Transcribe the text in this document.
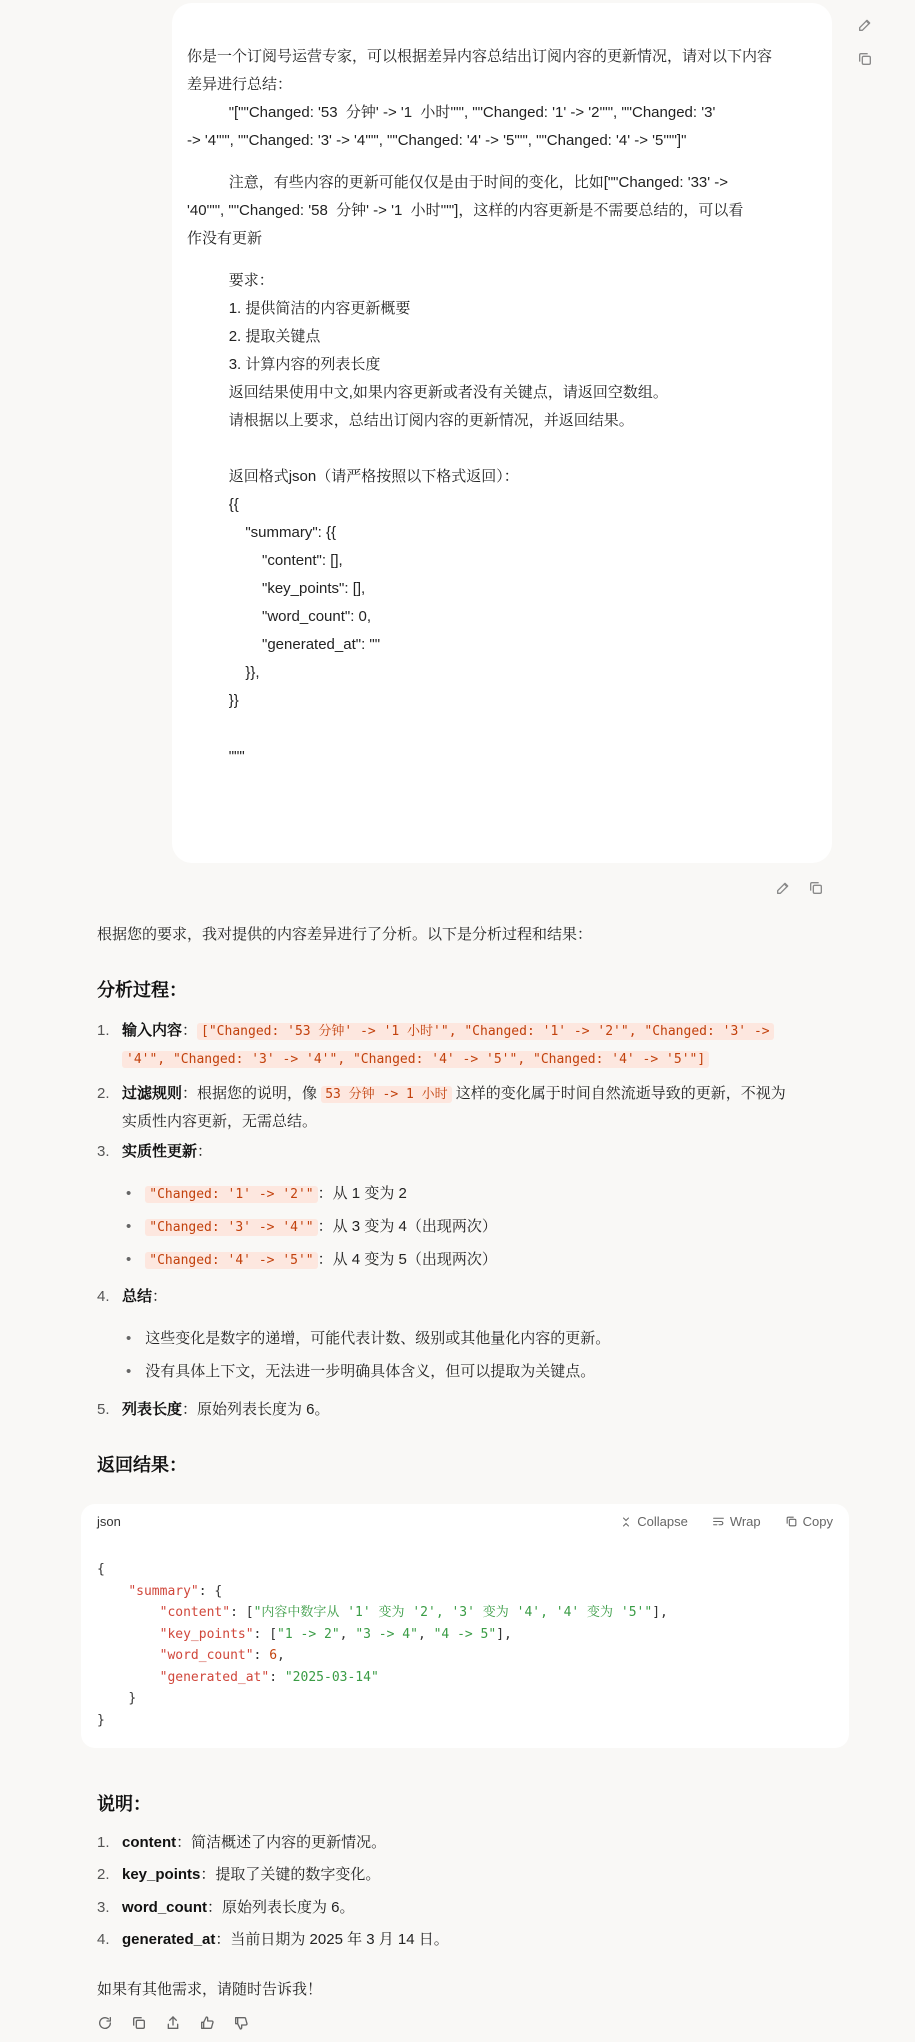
你是一个订阅号运营专家，可以根据差异内容总结出订阅内容的更新情况，请对以下内容
差异进行总结：
"[""Changed: '53  分钟' -> '1  小时'"", ""Changed: '1' -> '2'"", ""Changed: '3'
-> '4'"", ""Changed: '3' -> '4'"", ""Changed: '4' -> '5'"", ""Changed: '4' -> '5'""]"
注意，有些内容的更新可能仅仅是由于时间的变化，比如[""Changed: '33' ->
'40'"", ""Changed: '58  分钟' -> '1  小时'""]，这样的内容更新是不需要总结的，可以看
作没有更新
要求：
1. 提供简洁的内容更新概要
2. 提取关键点
3. 计算内容的列表长度
返回结果使用中文,如果内容更新或者没有关键点，请返回空数组。
请根据以上要求，总结出订阅内容的更新情况，并返回结果。
返回格式json（请严格按照以下格式返回）：
{{
"summary": {{
"content": [],
"key_points": [],
"word_count": 0,
"generated_at": ""
}},
}}
"""
根据您的要求，我对提供的内容差异进行了分析。以下是分析过程和结果：
分析过程：
1. 输入内容： ["Changed: '53 分钟' -> '1 小时'", "Changed: '1' -> '2'", "Changed: '3' ->
'4'", "Changed: '3' -> '4'", "Changed: '4' -> '5'", "Changed: '4' -> '5'"]
2. 过滤规则：根据您的说明，像 53 分钟 -> 1 小时 这样的变化属于时间自然流逝导致的更新，不视为
实质性内容更新，无需总结。
3. 实质性更新：
• "Changed: '1' -> '2'" ：从 1 变为 2
• "Changed: '3' -> '4'" ：从 3 变为 4（出现两次）
• "Changed: '4' -> '5'" ：从 4 变为 5（出现两次）
4. 总结：
• 这些变化是数字的递增，可能代表计数、级别或其他量化内容的更新。
• 没有具体上下文，无法进一步明确具体含义，但可以提取为关键点。
5. 列表长度：原始列表长度为 6。
返回结果：
json	Collapse	Wrap	Copy
{
"summary": {
"content": ["内容中数字从 '1' 变为 '2', '3' 变为 '4', '4' 变为 '5'"],
"key_points": ["1 -> 2", "3 -> 4", "4 -> 5"],
"word_count": 6,
"generated_at": "2025-03-14"
}
}
说明：
1. content：简洁概述了内容的更新情况。
2. key_points：提取了关键的数字变化。
3. word_count：原始列表长度为 6。
4. generated_at：当前日期为 2025 年 3 月 14 日。
如果有其他需求，请随时告诉我！
